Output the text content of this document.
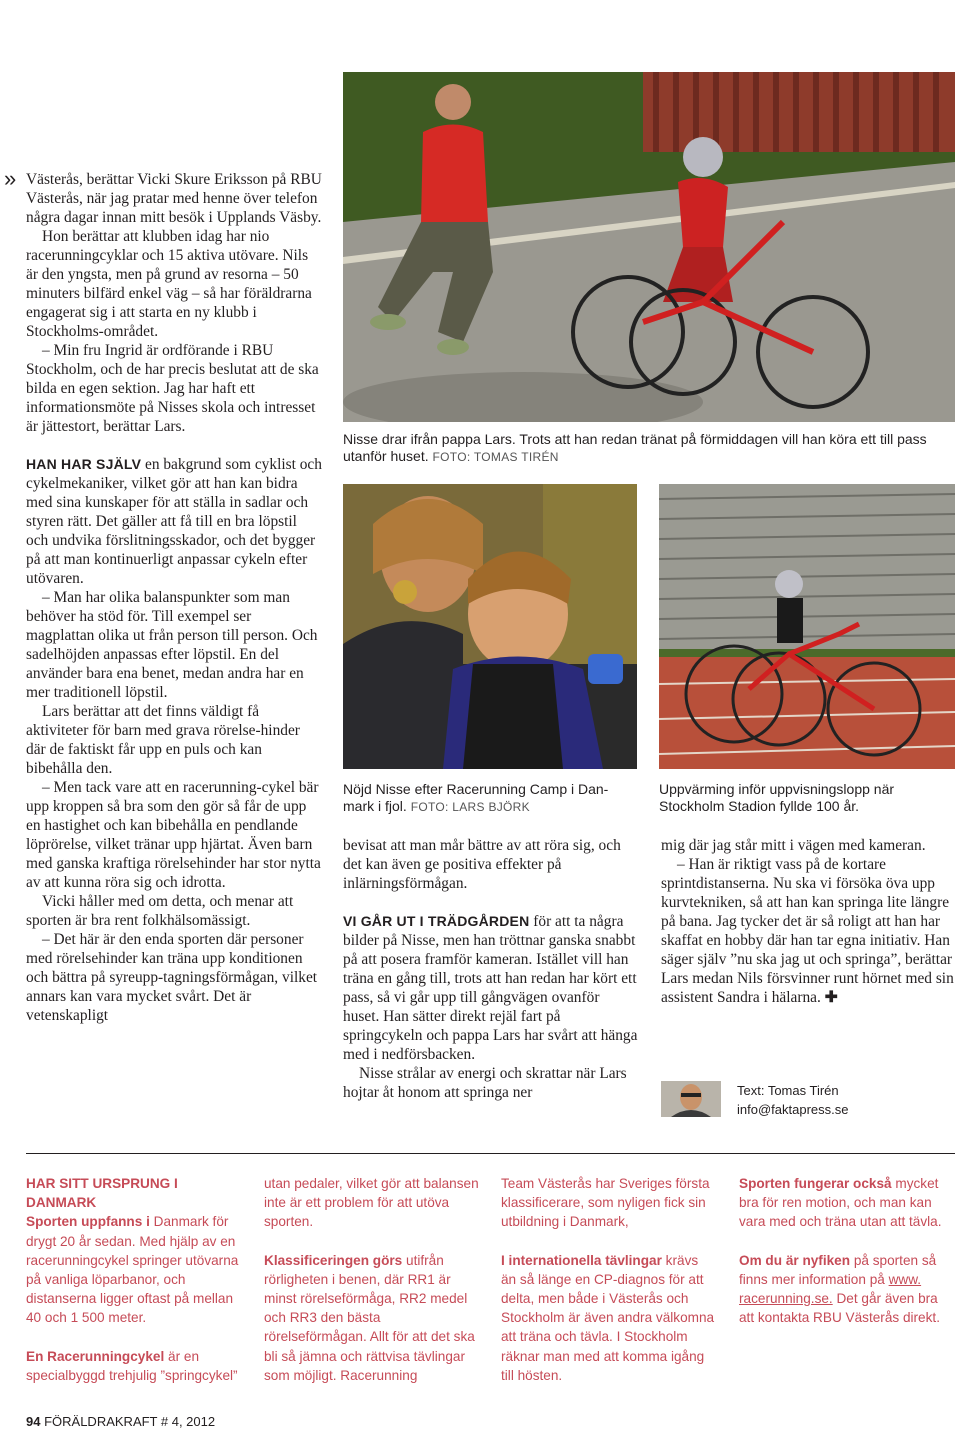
» Västerås, berättar Vicki Skure Eriksson på RBU Västerås, när jag pratar med henne över telefon några dagar innan mitt besök i Upplands Väsby.

Hon berättar att klubben idag har nio racerunningcyklar och 15 aktiva utövare. Nils är den yngsta, men på grund av resorna – 50 minuters bilfärd enkel väg – så har föräldrarna engagerat sig i att starta en ny klubb i Stockholms-området.

– Min fru Ingrid är ordförande i RBU Stockholm, och de har precis beslutat att de ska bilda en egen sektion. Jag har haft ett informationsmöte på Nisses skola och intresset är jättestort, berättar Lars.

HAN HAR SJÄLV en bakgrund som cyklist och cykelmekaniker, vilket gör att han kan bidra med sina kunskaper för att ställa in sadlar och styren rätt. Det gäller att få till en bra löpstil och undvika förslitningsskador, och det bygger på att man kontinuerligt anpassar cykeln efter utövaren.

– Man har olika balanspunkter som man behöver ha stöd för. Till exempel ser magplattan olika ut från person till person. Och sadelhöjden anpassas efter löpstil. En del använder bara ena benet, medan andra har en mer traditionell löpstil.

Lars berättar att det finns väldigt få aktiviteter för barn med grava rörelse-hinder där de faktiskt får upp en puls och kan bibehålla den.

– Men tack vare att en racerunning-cykel bär upp kroppen så bra som den gör så får de upp en hastighet och kan bibehålla en pendlande löprörelse, vilket tränar upp hjärtat. Även barn med ganska kraftiga rörelsehinder har stor nytta av att kunna röra sig och idrotta.

Vicki håller med om detta, och menar att sporten är bra rent folkhälsomässigt.

– Det här är den enda sporten där personer med rörelsehinder kan träna upp konditionen och bättra på syreupp-tagningsförmågan, vilket annars kan vara mycket svårt. Det är vetenskapligt

Nisse drar ifrån pappa Lars. Trots att han redan tränat på förmiddagen vill han köra ett till pass utanför huset. FOTO: TOMAS TIRÉN
Nöjd Nisse efter Racerunning Camp i Dan-mark i fjol. FOTO: LARS BJÖRK
Uppvärming inför uppvisningslopp när Stockholm Stadion fyllde 100 år.

bevisat att man mår bättre av att röra sig, och det kan även ge positiva effekter på inlärningsförmågan.

VI GÅR UT I TRÄDGÅRDEN för att ta några bilder på Nisse, men han tröttnar ganska snabbt på att posera framför kameran. Istället vill han träna en gång till, trots att han redan har kört ett pass, så vi går upp till gångvägen ovanför huset. Han sätter direkt rejäl fart på springcykeln och pappa Lars har svårt att hänga med i nedförsbacken.

Nisse strålar av energi och skrattar när Lars hojtar åt honom att springa ner

mig där jag står mitt i vägen med kameran.

– Han är riktigt vass på de kortare sprintdistanserna. Nu ska vi försöka öva upp kurvtekniken, så att han kan springa lite längre på bana. Jag tycker det är så roligt att han har skaffat en hobby där han tar egna initiativ. Han säger själv ”nu ska jag ut och springa”, berättar Lars medan Nils försvinner runt hörnet med sin assistent Sandra i hälarna. ✚

Text: Tomas Tirén
info@faktapress.se

HAR SITT URSPRUNG I DANMARK
Sporten uppfanns i Danmark för drygt 20 år sedan. Med hjälp av en racerunningcykel springer utövarna på vanliga löparbanor, och distanserna ligger oftast på mellan 40 och 1 500 meter.

En Racerunningcykel är en specialbyggd trehjulig ”springcykel”

utan pedaler, vilket gör att balansen inte är ett problem för att utöva sporten.

Klassificeringen görs utifrån rörligheten i benen, där RR1 är minst rörelseförmåga, RR2 medel och RR3 den bästa rörelseförmågan. Allt för att det ska bli så jämna och rättvisa tävlingar som möjligt. Racerunning

Team Västerås har Sveriges första klassificerare, som nyligen fick sin utbildning i Danmark,

I internationella tävlingar krävs än så länge en CP-diagnos för att delta, men både i Västerås och Stockholm är även andra välkomna att träna och tävla. I Stockholm räknar man med att komma igång till hösten.

Sporten fungerar också mycket bra för ren motion, och man kan vara med och träna utan att tävla.

Om du är nyfiken på sporten så finns mer information på www. racerunning.se. Det går även bra att kontakta RBU Västerås direkt.

94 FÖRÄLDRAKRAFT # 4, 2012
